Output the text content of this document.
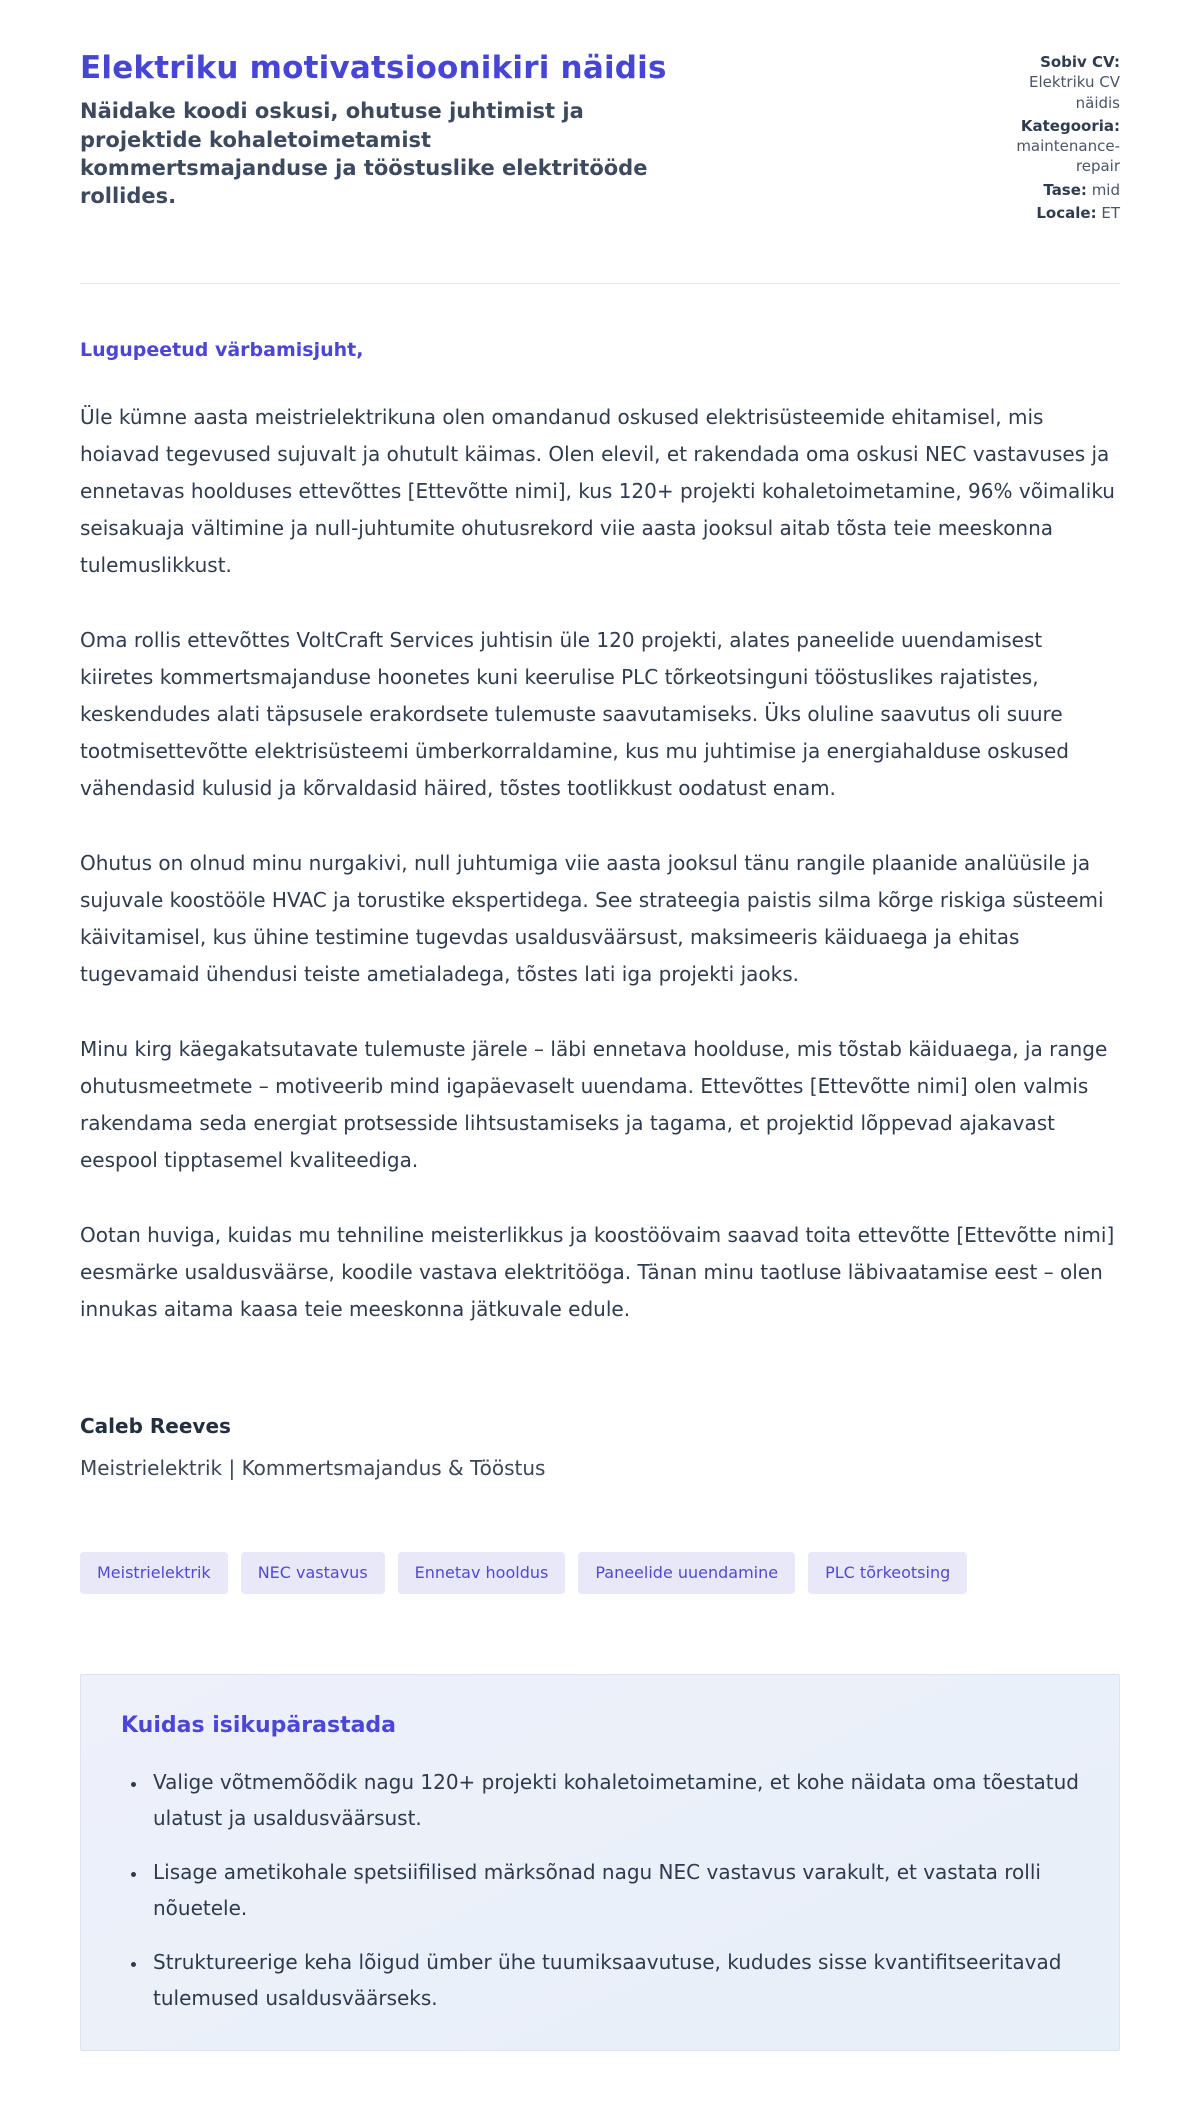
Elektriku motivatsioonikiri näidis

Näidake koodi oskusi, ohutuse juhtimist ja projektide kohaletoimetamist kommertsmajanduse ja tööstuslike elektritööde rollides.

Sobiv CV: Elektriku CV näidis
Kategooria: maintenance-repair
Tase: mid
Locale: ET

Lugupeetud värbamisjuht,

Üle kümne aasta meistrielektrikuna olen omandanud oskused elektrisüsteemide ehitamisel, mis hoiavad tegevused sujuvalt ja ohutult käimas. Olen elevil, et rakendada oma oskusi NEC vastavuses ja ennetavas hoolduses ettevõttes [Ettevõtte nimi], kus 120+ projekti kohaletoimetamine, 96% võimaliku seisakuaja vältimine ja null-juhtumite ohutusrekord viie aasta jooksul aitab tõsta teie meeskonna tulemuslikkust.

Oma rollis ettevõttes VoltCraft Services juhtisin üle 120 projekti, alates paneelide uuendamisest kiiretes kommertsmajanduse hoonetes kuni keerulise PLC tõrkeotsinguni tööstuslikes rajatistes, keskendudes alati täpsusele erakordsete tulemuste saavutamiseks. Üks oluline saavutus oli suure tootmisettevõtte elektrisüsteemi ümberkorraldamine, kus mu juhtimise ja energiahalduse oskused vähendasid kulusid ja kõrvaldasid häired, tõstes tootlikkust oodatust enam.

Ohutus on olnud minu nurgakivi, null juhtumiga viie aasta jooksul tänu rangile plaanide analüüsile ja sujuvale koostööle HVAC ja torustike ekspertidega. See strateegia paistis silma kõrge riskiga süsteemi käivitamisel, kus ühine testimine tugevdas usaldusväärsust, maksimeeris käiduaega ja ehitas tugevamaid ühendusi teiste ametialadega, tõstes lati iga projekti jaoks.

Minu kirg käegakatsutavate tulemuste järele – läbi ennetava hoolduse, mis tõstab käiduaega, ja range ohutusmeetmete – motiveerib mind igapäevaselt uuendama. Ettevõttes [Ettevõtte nimi] olen valmis rakendama seda energiat protsesside lihtsustamiseks ja tagama, et projektid lõppevad ajakavast eespool tipptasemel kvaliteediga.

Ootan huviga, kuidas mu tehniline meisterlikkus ja koostöövaim saavad toita ettevõtte [Ettevõtte nimi] eesmärke usaldusväärse, koodile vastava elektritööga. Tänan minu taotluse läbivaatamise eest – olen innukas aitama kaasa teie meeskonna jätkuvale edule.

Caleb Reeves

Meistrielektrik | Kommertsmajandus & Tööstus

Meistrielektrik	NEC vastavus	Ennetav hooldus	Paneelide uuendamine	PLC tõrkeotsing
Kuidas isikupärastada
• Valige võtmemõõdik nagu 120+ projekti kohaletoimetamine, et kohe näidata oma tõestatud ulatust ja usaldusväärsust.
• Lisage ametikohale spetsiifilised märksõnad nagu NEC vastavus varakult, et vastata rolli nõuetele.
• Struktureerige keha lõigud ümber ühe tuumiksaavutuse, kududes sisse kvantifitseeritavad tulemused usaldusväärseks.
